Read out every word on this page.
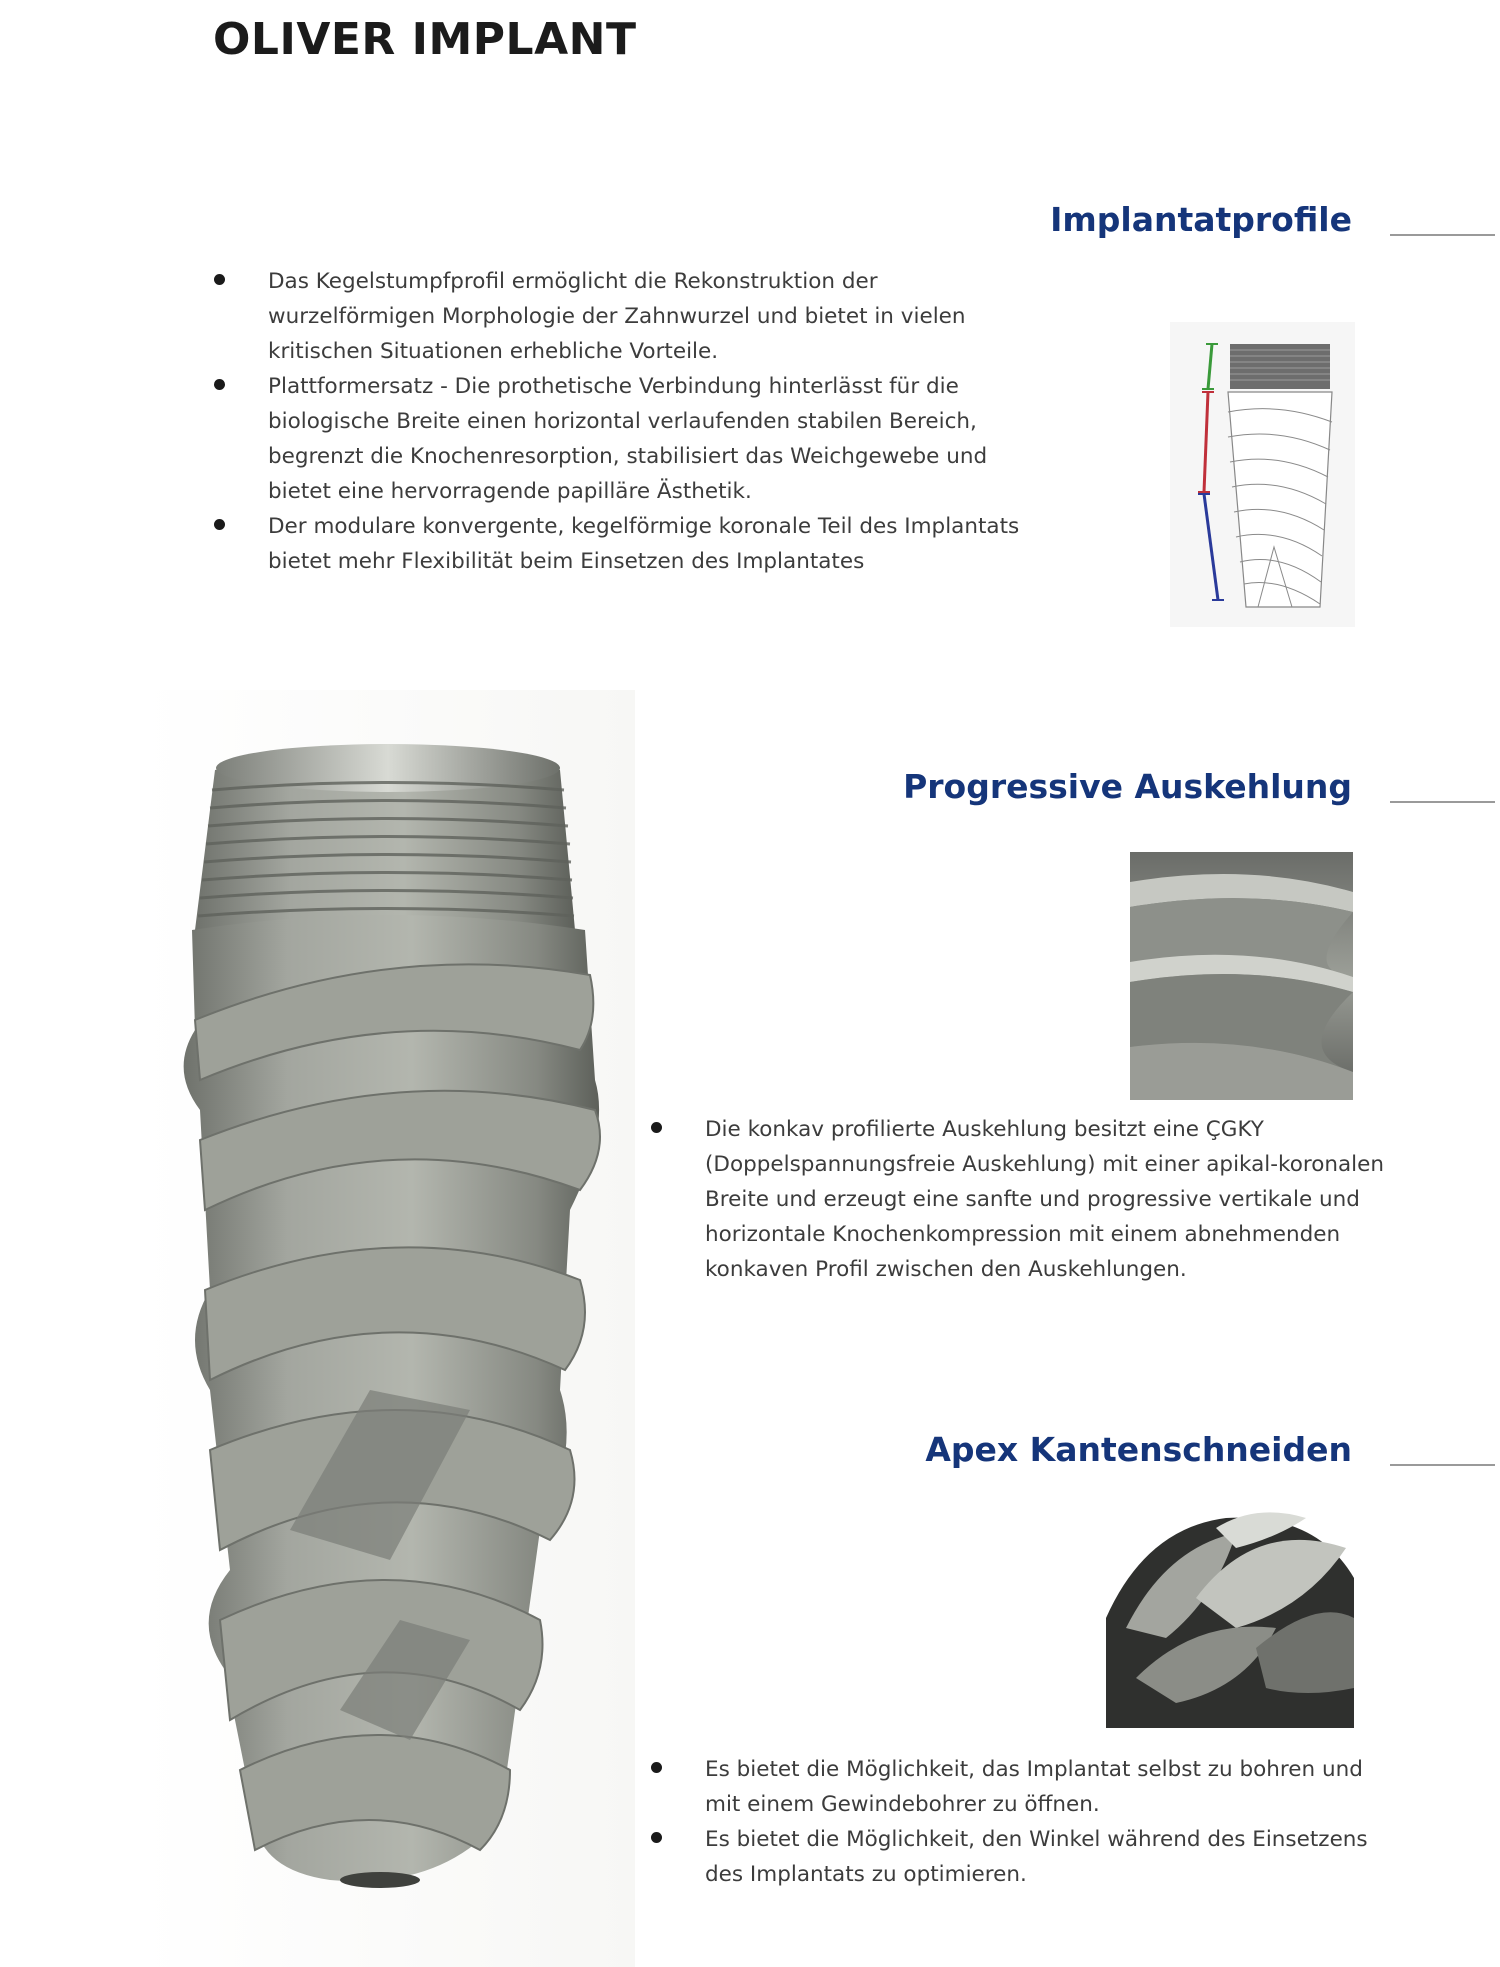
OLIVER IMPLANT
Implantatprofile
Das Kegelstumpfprofil ermöglicht die Rekonstruktion der wurzelförmigen Morphologie der Zahnwurzel und bietet in vielen kritischen Situationen erhebliche Vorteile.
Plattformersatz - Die prothetische Verbindung hinterlässt für die biologische Breite einen horizontal verlaufenden stabilen Bereich, begrenzt die Knochenresorption, stabilisiert das Weichgewebe und bietet eine hervorragende papilläre Ästhetik.
Der modulare konvergente, kegelförmige koronale Teil des Implantats bietet mehr Flexibilität beim Einsetzen des Implantates
Progressive Auskehlung
Die konkav profilierte Auskehlung besitzt eine ÇGKY (Doppelspannungsfreie Auskehlung) mit einer apikal-koronalen Breite und erzeugt eine sanfte und progressive vertikale und horizontale Knochenkompression mit einem abnehmenden konkaven Profil zwischen den Auskehlungen.
Apex Kantenschneiden
Es bietet die Möglichkeit, das Implantat selbst zu bohren und mit einem Gewindebohrer zu öffnen.
Es bietet die Möglichkeit, den Winkel während des Einsetzens des Implantats zu optimieren.
